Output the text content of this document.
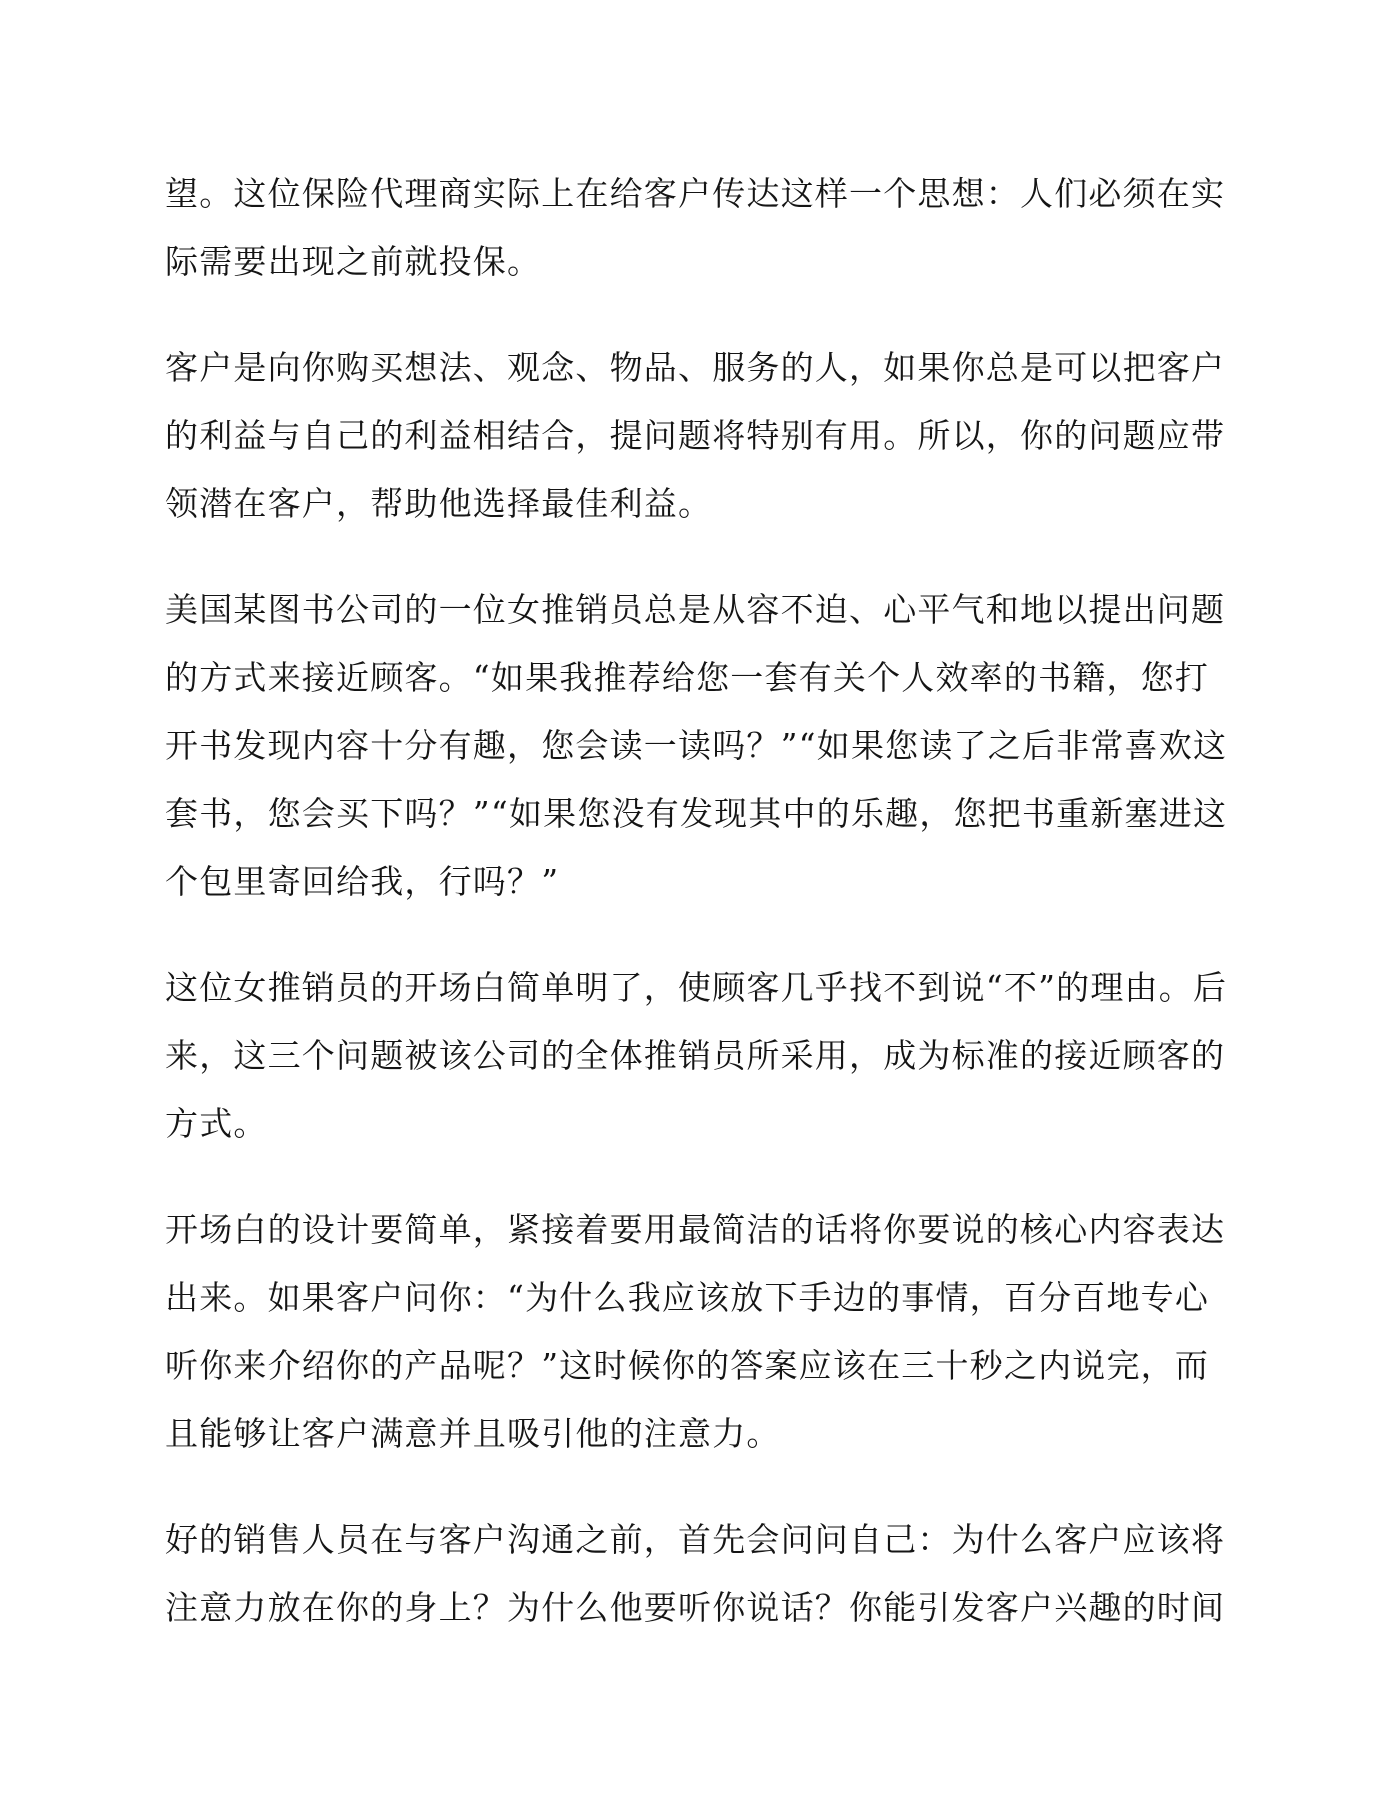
望。这位保险代理商实际上在给客户传达这样一个思想：人们必须在实
际需要出现之前就投保。

客户是向你购买想法、观念、物品、服务的人，如果你总是可以把客户
的利益与自己的利益相结合，提问题将特别有用。所以，你的问题应带
领潜在客户，帮助他选择最佳利益。

美国某图书公司的一位女推销员总是从容不迫、心平气和地以提出问题
的方式来接近顾客。“如果我推荐给您一套有关个人效率的书籍，您打
开书发现内容十分有趣，您会读一读吗？”“如果您读了之后非常喜欢这
套书，您会买下吗？”“如果您没有发现其中的乐趣，您把书重新塞进这
个包里寄回给我，行吗？”

这位女推销员的开场白简单明了，使顾客几乎找不到说“不”的理由。后
来，这三个问题被该公司的全体推销员所采用，成为标准的接近顾客的
方式。

开场白的设计要简单，紧接着要用最简洁的话将你要说的核心内容表达
出来。如果客户问你：“为什么我应该放下手边的事情，百分百地专心
听你来介绍你的产品呢？”这时候你的答案应该在三十秒之内说完，而
且能够让客户满意并且吸引他的注意力。

好的销售人员在与客户沟通之前，首先会问问自己：为什么客户应该将
注意力放在你的身上？为什么他要听你说话？你能引发客户兴趣的时间
